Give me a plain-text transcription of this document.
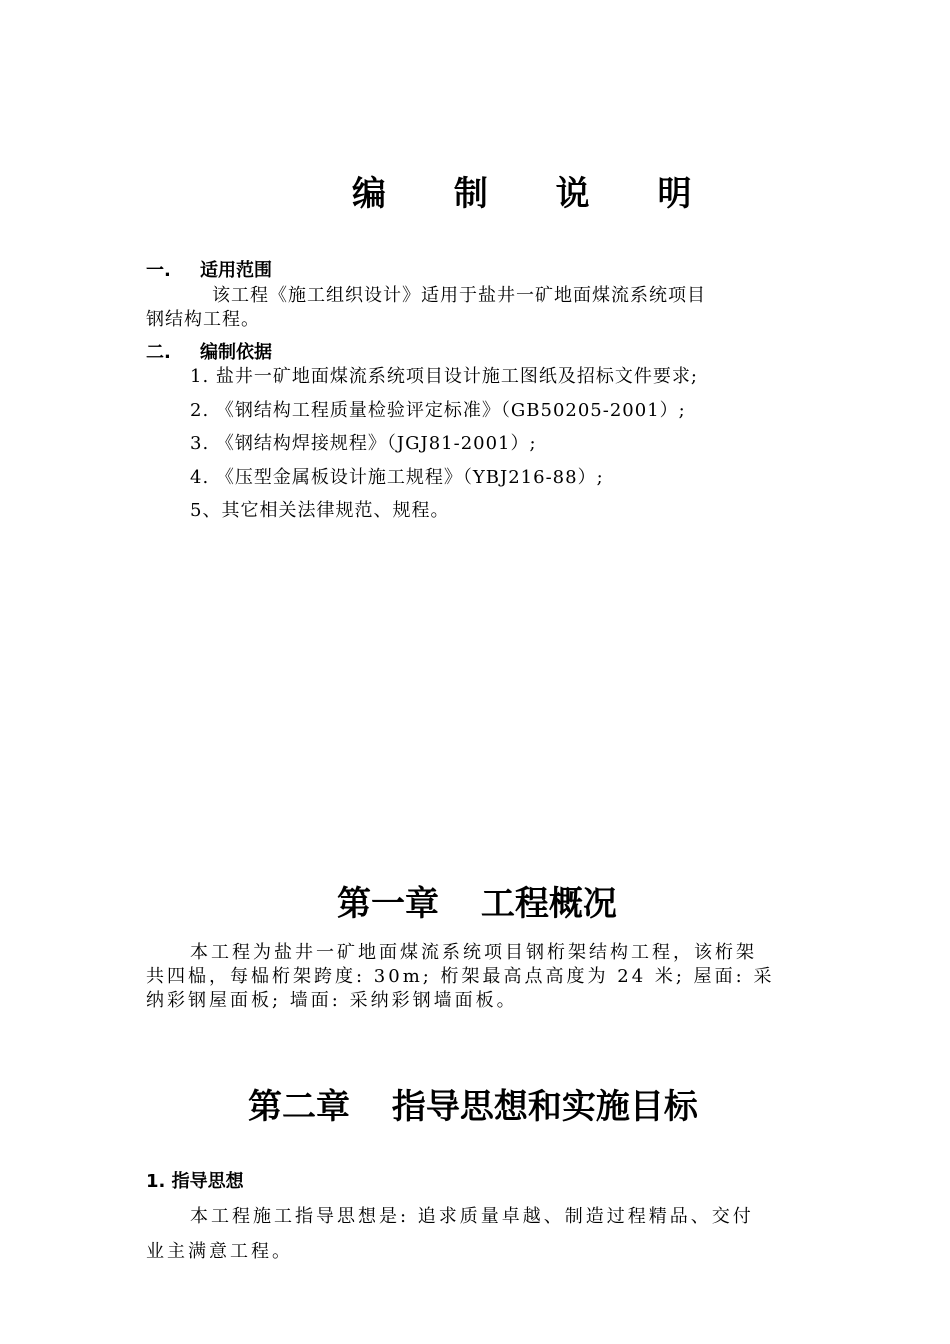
编 制 说 明
一. 适用范围
该工程《施工组织设计》适用于盐井一矿地面煤流系统项目
钢结构工程。
二. 编制依据
1. 盐井一矿地面煤流系统项目设计施工图纸及招标文件要求;
2. 《钢结构工程质量检验评定标准》（GB50205-2001）;
3. 《钢结构焊接规程》（JGJ81-2001）;
4. 《压型金属板设计施工规程》（YBJ216-88）;
5、其它相关法律规范、规程。
第一章 工程概况
本工程为盐井一矿地面煤流系统项目钢桁架结构工程，该桁架
共四榀，每榀桁架跨度: 30m; 桁架最高点高度为 24 米; 屋面: 采
纳彩钢屋面板; 墙面: 采纳彩钢墙面板。
第二章 指导思想和实施目标
1. 指导思想
本工程施工指导思想是: 追求质量卓越、制造过程精品、交付
业主满意工程。
